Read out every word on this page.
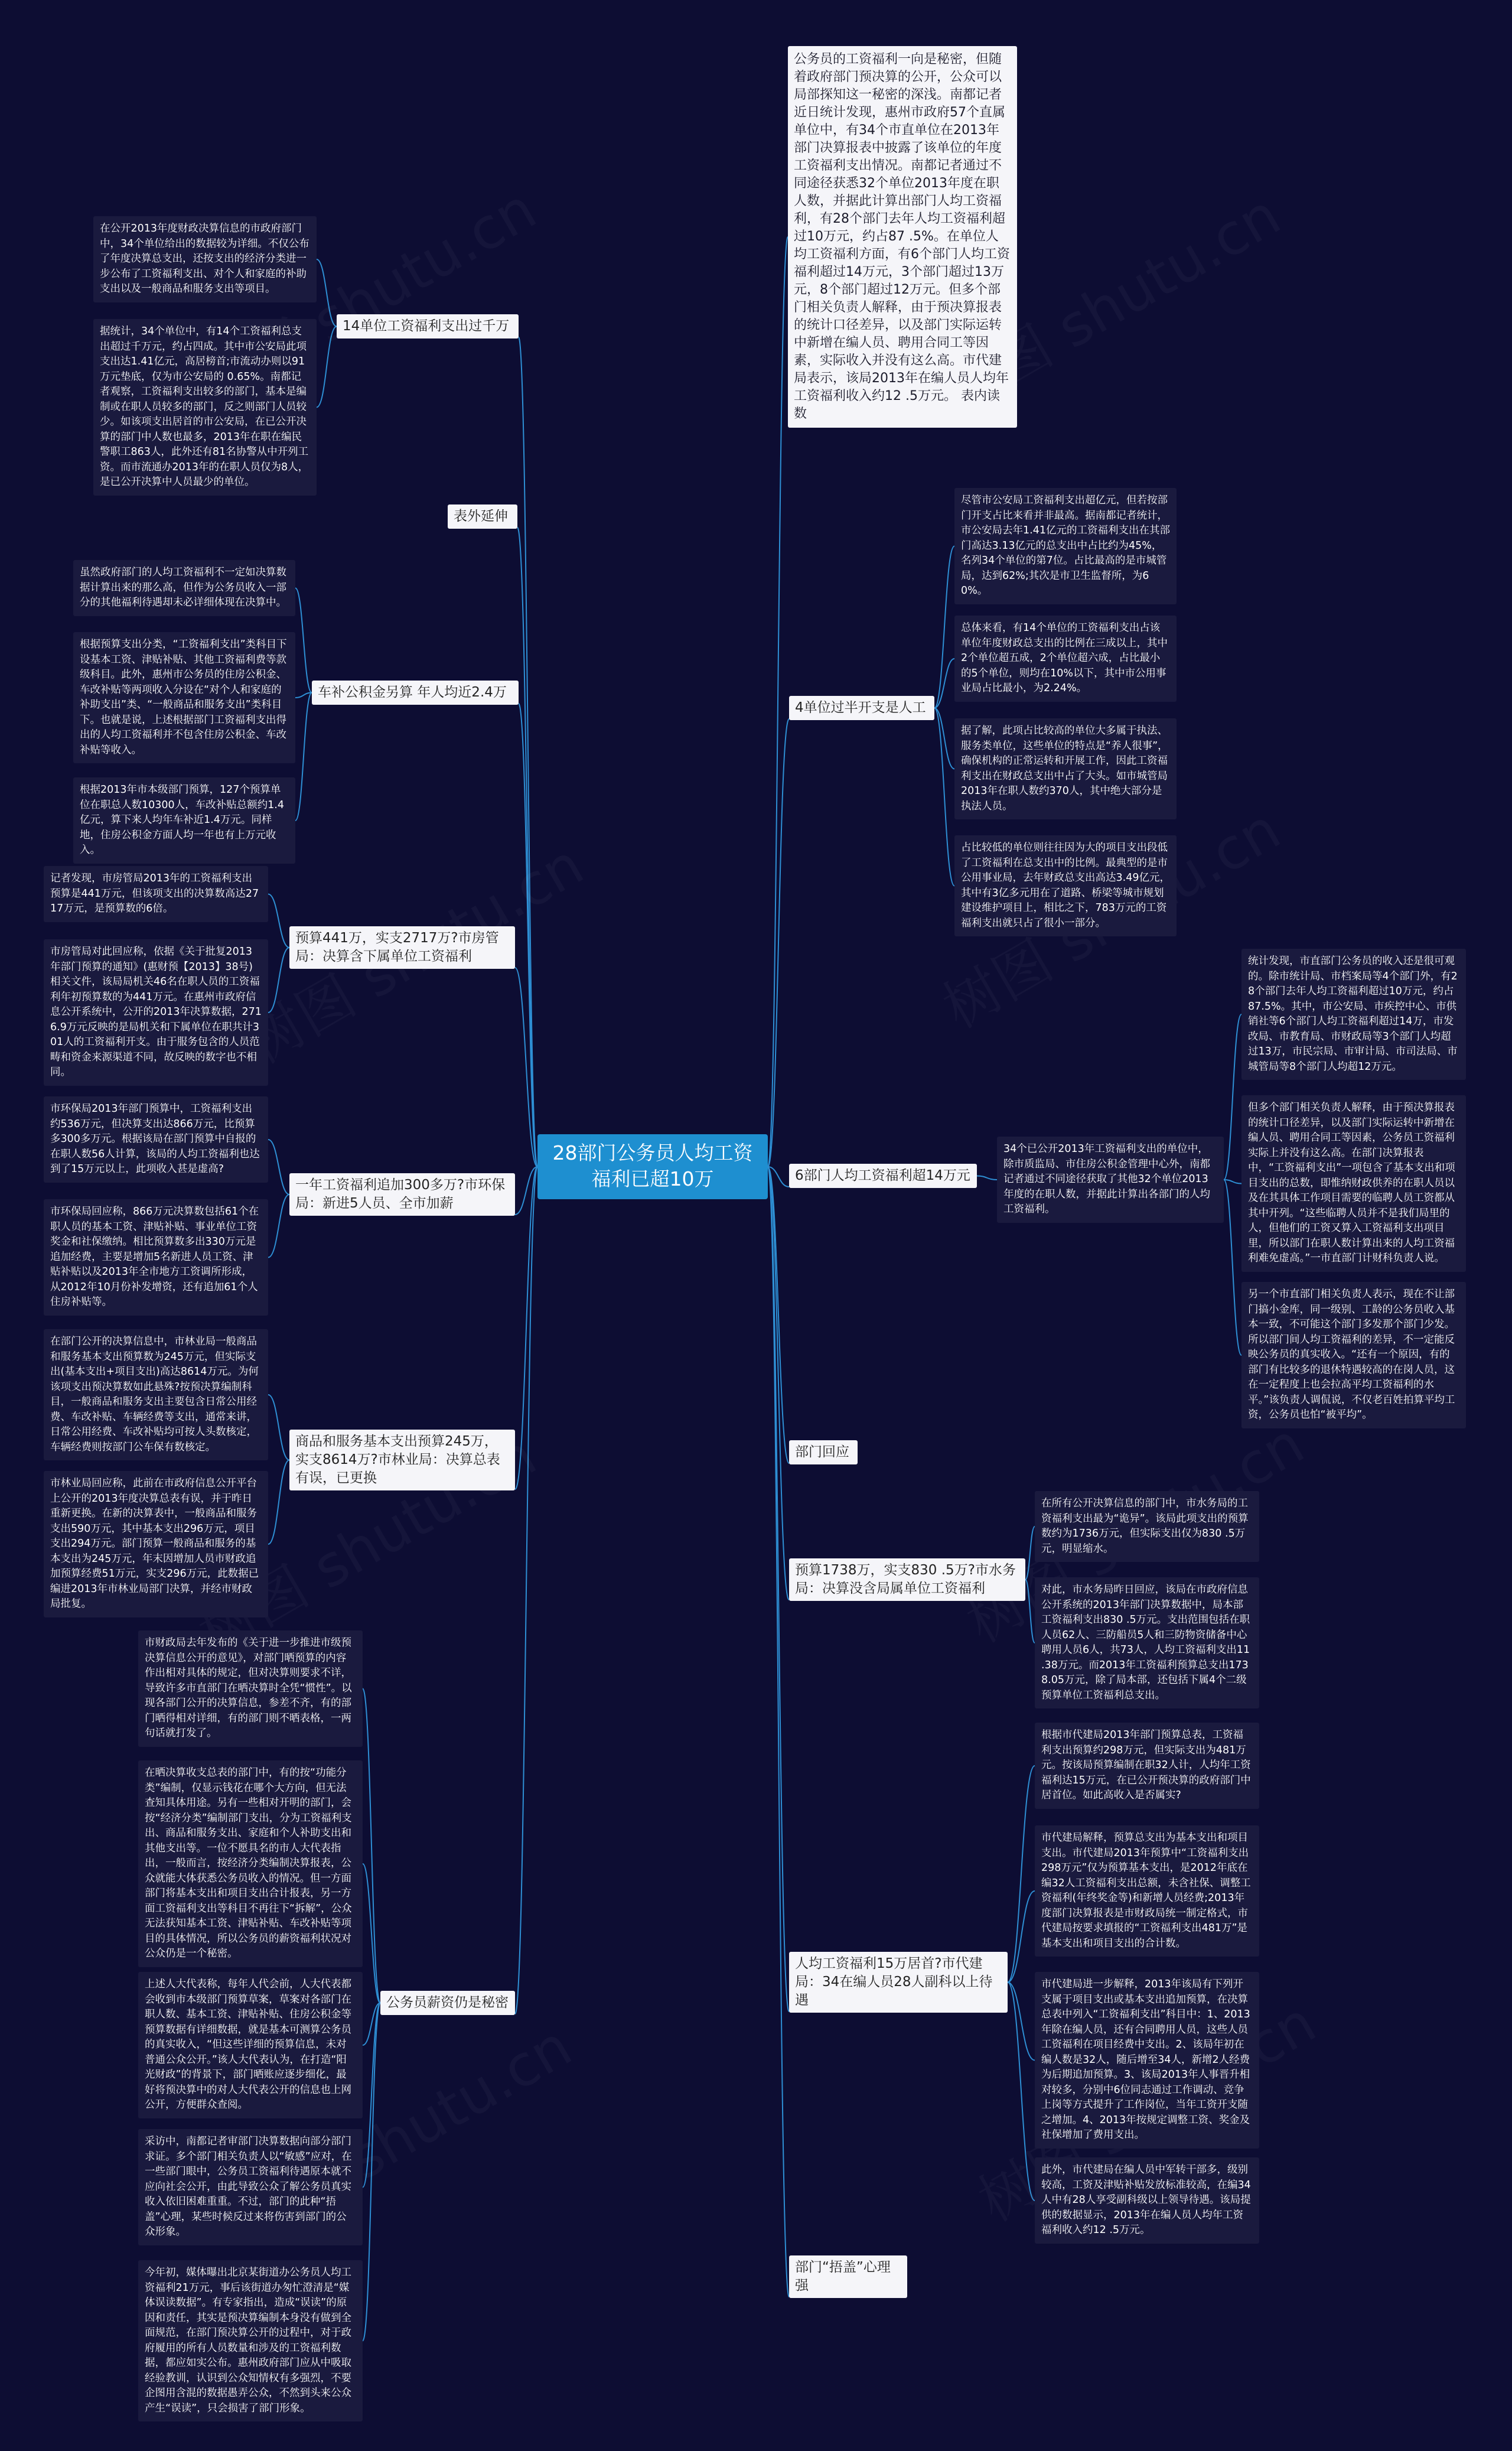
28部门公务员人均工资福利已超10万
14单位工资福利支出过千万
在公开2013年度财政决算信息的市政府部门中，34个单位给出的数据较为详细。不仅公布了年度决算总支出，还按支出的经济分类进一步公布了工资福利支出、对个人和家庭的补助支出以及一般商品和服务支出等项目。
据统计，34个单位中，有14个工资福利总支出超过千万元，约占四成。其中市公安局此项支出达1.41亿元，高居榜首;市流动办则以91万元垫底，仅为市公安局的 0.65%。南都记者观察，工资福利支出较多的部门，基本是编制或在职人员较多的部门，反之则部门人员较少。如该项支出居首的市公安局，在已公开决算的部门中人数也最多，2013年在职在编民警职工863人，此外还有81名协警从中开列工资。而市流通办2013年的在职人员仅为8人，是已公开决算中人员最少的单位。
表外延伸
车补公积金另算 年人均近2.4万
虽然政府部门的人均工资福利不一定如决算数据计算出来的那么高，但作为公务员收入一部分的其他福利待遇却未必详细体现在决算中。
根据预算支出分类，“工资福利支出”类科目下设基本工资、津贴补贴、其他工资福利费等款级科目。此外，惠州市公务员的住房公积金、车改补贴等两项收入分设在“对个人和家庭的补助支出”类、“一般商品和服务支出”类科目下。也就是说，上述根据部门工资福利支出得出的人均工资福利并不包含住房公积金、车改补贴等收入。
根据2013年市本级部门预算，127个预算单位在职总人数10300人，车改补贴总额约1.4亿元，算下来人均年车补近1.4万元。同样地，住房公积金方面人均一年也有上万元收入。
预算441万，实支2717万?市房管局：决算含下属单位工资福利
记者发现，市房管局2013年的工资福利支出预算是441万元，但该项支出的决算数高达2717万元，是预算数的6倍。
市房管局对此回应称，依据《关于批复2013年部门预算的通知》(惠财预【2013】38号)相关文件，该局局机关46名在职人员的工资福利年初预算数的为441万元。在惠州市政府信息公开系统中，公开的2013年决算数据，2716.9万元反映的是局机关和下属单位在职共计301人的工资福利开支。由于服务包含的人员范畴和资金来源渠道不同，故反映的数字也不相同。
一年工资福利追加300多万?市环保局：新进5人员、全市加薪
市环保局2013年部门预算中，工资福利支出约536万元，但决算支出达866万元，比预算多300多万元。根据该局在部门预算中自报的在职人数56人计算，该局的人均工资福利也达到了15万元以上，此项收入甚是虚高?
市环保局回应称，866万元决算数包括61个在职人员的基本工资、津贴补贴、事业单位工资奖金和社保缴纳。相比预算数多出330万元是追加经费，主要是增加5名新进人员工资、津贴补贴以及2013年全市地方工资调所形成，从2012年10月份补发增资，还有追加61个人住房补贴等。
商品和服务基本支出预算245万，实支8614万?市林业局：决算总表有误，已更换
在部门公开的决算信息中，市林业局一般商品和服务基本支出预算数为245万元，但实际支出(基本支出+项目支出)高达8614万元。为何该项支出预决算数如此悬殊?按预决算编制科目，一般商品和服务支出主要包含日常公用经费、车改补贴、车辆经费等支出，通常来讲，日常公用经费、车改补贴均可按人头数核定，车辆经费则按部门公车保有数核定。
市林业局回应称，此前在市政府信息公开平台上公开的2013年度决算总表有误，并于昨日重新更换。在新的决算表中，一般商品和服务支出590万元，其中基本支出296万元，项目支出294万元。部门预算一般商品和服务的基本支出为245万元，年末因增加人员市财政追加预算经费51万元，实支296万元，此数据已编进2013年市林业局部门决算，并经市财政局批复。
公务员薪资仍是秘密
市财政局去年发布的《关于进一步推进市级预决算信息公开的意见》，对部门晒预算的内容作出相对具体的规定，但对决算则要求不详，导致许多市直部门在晒决算时全凭“惯性”。以现各部门公开的决算信息，参差不齐，有的部门晒得相对详细，有的部门则不晒表格，一两句话就打发了。
在晒决算收支总表的部门中，有的按“功能分类”编制，仅显示钱花在哪个大方向，但无法查知具体用途。另有一些相对开明的部门，会按“经济分类”编制部门支出，分为工资福利支出、商品和服务支出、家庭和个人补助支出和其他支出等。一位不愿具名的市人大代表指出，一般而言，按经济分类编制决算报表，公众就能大体获悉公务员收入的情况。但一方面部门将基本支出和项目支出合计报表，另一方面工资福利支出等科目不再往下“拆解”，公众无法获知基本工资、津贴补贴、车改补贴等项目的具体情况，所以公务员的薪资福利状况对公众仍是一个秘密。
上述人大代表称，每年人代会前，人大代表都会收到市本级部门预算草案，草案对各部门在职人数、基本工资、津贴补贴、住房公积金等预算数据有详细数据，就是基本可测算公务员的真实收入，“但这些详细的预算信息，未对普通公众公开。”该人大代表认为，在打造“阳光财政”的背景下，部门晒账应逐步细化，最好将预决算中的对人大代表公开的信息也上网公开，方便群众查阅。
采访中，南都记者审部门决算数据向部分部门求证。多个部门相关负责人以“敏感”应对，在一些部门眼中，公务员工资福利待遇原本就不应向社会公开，由此导致公众了解公务员真实收入依旧困难重重。不过，部门的此种“捂盖”心理，某些时候反过来将伤害到部门的公众形象。
今年初，媒体曝出北京某街道办公务员人均工资福利21万元，事后该街道办匆忙澄清是“媒体误读数据”。有专家指出，造成“误读”的原因和责任，其实是预决算编制本身没有做到全面规范，在部门预决算公开的过程中，对于政府履用的所有人员数量和涉及的工资福利数据，都应如实公布。惠州政府部门应从中吸取经验教训，认识到公众知情权有多强烈，不要企图用含混的数据愚弄公众，不然到头来公众产生“误读”，只会损害了部门形象。
公务员的工资福利一向是秘密，但随着政府部门预决算的公开，公众可以局部探知这一秘密的深浅。南都记者近日统计发现，惠州市政府57个直属单位中，有34个市直单位在2013年部门决算报表中披露了该单位的年度工资福利支出情况。南都记者通过不同途径获悉32个单位2013年度在职人数，并据此计算出部门人均工资福利，有28个部门去年人均工资福利超过10万元，约占87 .5%。在单位人均工资福利方面，有6个部门人均工资福利超过14万元，3个部门超过13万元，8个部门超过12万元。但多个部门相关负责人解释，由于预决算报表的统计口径差异，以及部门实际运转中新增在编人员、聘用合同工等因素，实际收入并没有这么高。市代建局表示，该局2013年在编人员人均年工资福利收入约12 .5万元。 表内读数
4单位过半开支是人工
尽管市公安局工资福利支出超亿元，但若按部门开支占比来看并非最高。据南都记者统计，市公安局去年1.41亿元的工资福利支出在其部门高达3.13亿元的总支出中占比约为45%，名列34个单位的第7位。占比最高的是市城管局，达到62%;其次是市卫生监督所，为60%。
总体来看，有14个单位的工资福利支出占该单位年度财政总支出的比例在三成以上，其中2个单位超五成，2个单位超六成，占比最小的5个单位，则均在10%以下，其中市公用事业局占比最小，为2.24%。
据了解，此项占比较高的单位大多属于执法、服务类单位，这些单位的特点是“养人很事”，确保机构的正常运转和开展工作，因此工资福利支出在财政总支出中占了大头。如市城管局2013年在职人数约370人，其中绝大部分是执法人员。
占比较低的单位则往往因为大的项目支出段低了工资福利在总支出中的比例。最典型的是市公用事业局，去年财政总支出高达3.49亿元，其中有3亿多元用在了道路、桥梁等城市规划建设维护项目上，相比之下，783万元的工资福利支出就只占了很小一部分。
6部门人均工资福利超14万元
34个已公开2013年工资福利支出的单位中，除市质监局、市住房公积金管理中心外，南都记者通过不同途径获取了其他32个单位2013年度的在职人数，并据此计算出各部门的人均工资福利。
统计发现，市直部门公务员的收入还是很可观的。除市统计局、市档案局等4个部门外，有28个部门去年人均工资福利超过10万元，约占87.5%。其中，市公安局、市疾控中心、市供销社等6个部门人均工资福利超过14万，市发改局、市教育局、市财政局等3个部门人均超过13万，市民宗局、市审计局、市司法局、市城管局等8个部门人均超12万元。
但多个部门相关负责人解释，由于预决算报表的统计口径差异，以及部门实际运转中新增在编人员、聘用合同工等因素，公务员工资福利实际上并没有这么高。在部门决算报表中，“工资福利支出”一项包含了基本支出和项目支出的总数，即惟纳财政供养的在职人员以及在其具体工作项目需要的临聘人员工资都从其中开列。“这些临聘人员并不是我们局里的人，但他们的工资又算入工资福利支出项目里，所以部门在职人数计算出来的人均工资福利难免虚高。”一市直部门计财科负责人说。
另一个市直部门相关负责人表示，现在不让部门搞小金库，同一级别、工龄的公务员收入基本一致，不可能这个部门多发那个部门少发。所以部门间人均工资福利的差异，不一定能反映公务员的真实收入。“还有一个原因，有的部门有比较多的退休特遇较高的在岗人员，这在一定程度上也会拉高平均工资福利的水平。”该负责人调侃说，不仅老百姓拍算平均工资，公务员也怕“被平均”。
部门回应
预算1738万，实支830 .5万?市水务局：决算没含局属单位工资福利
在所有公开决算信息的部门中，市水务局的工资福利支出最为“诡异”。该局此项支出的预算数约为1736万元，但实际支出仅为830 .5万元，明显缩水。
对此，市水务局昨日回应，该局在市政府信息公开系统的2013年部门决算数据中，局本部工资福利支出830 .5万元。支出范围包括在职人员62人、三防船员5人和三防物资储备中心聘用人员6人，共73人，人均工资福利支出11 .38万元。而2013年工资福利预算总支出173 8.05万元，除了局本部，还包括下属4个二级预算单位工资福利总支出。
人均工资福利15万居首?市代建局：34在编人员28人副科以上待遇
根据市代建局2013年部门预算总表，工资福利支出预算约298万元，但实际支出为481万元。按该局预算编制在职32人计，人均年工资福利达15万元，在已公开预决算的政府部门中居首位。如此高收入是否属实?
市代建局解释，预算总支出为基本支出和项目支出。市代建局2013年预算中“工资福利支出298万元”仅为预算基本支出，是2012年底在编32人工资福利支出总额，未含社保、调整工资福利(年终奖金等)和新增人员经费;2013年度部门决算报表是市财政局统一制定格式，市代建局按要求填报的“工资福利支出481万”是基本支出和项目支出的合计数。
市代建局进一步解释，2013年该局有下列开支属于项目支出或基本支出追加预算，在决算总表中列入“工资福利支出”科目中：1、2013年除在编人员，还有合同聘用人员，这些人员工资福利在项目经费中支出。2、该局年初在编人数是32人，随后增至34人，新增2人经费为后期追加预算。3、该局2013年人事晋升相对较多，分别中6位同志通过工作调动、竞争上岗等方式提升了工作岗位，当年工资开支随之增加。4、2013年按规定调整工资、奖金及社保增加了费用支出。
此外，市代建局在编人员中军转干部多，级别较高，工资及津贴补贴发放标准较高，在编34人中有28人享受副科级以上领导待遇。该局提供的数据显示，2013年在编人员人均年工资福利收入约12 .5万元。
部门“捂盖”心理强
